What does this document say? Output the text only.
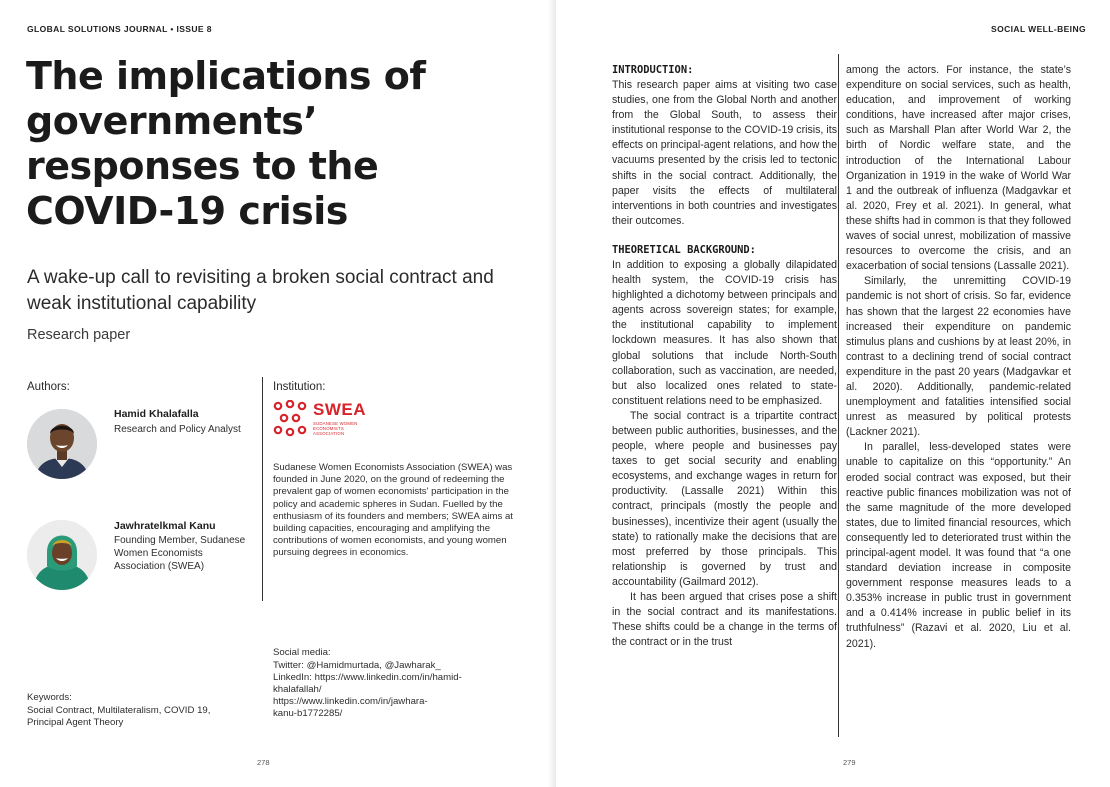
GLOBAL SOLUTIONS JOURNAL • ISSUE 8
The implications of governments’ responses to the COVID-19 crisis

A wake-up call to revisiting a broken social contract and weak institutional capability

Research paper
Authors:	Institution:
Hamid Khalafalla
Research and Policy Analyst
Jawhratelkmal Kanu
Founding Member, Sudanese Women Economists Association (SWEA)
SWEA
SUDANESE WOMEN ECONOMISTS ASSOCIATION

Sudanese Women Economists Association (SWEA) was founded in June 2020, on the ground of redeeming the prevalent gap of women economists' participation in the policy and academic spheres in Sudan. Fuelled by the enthusiasm of its founders and members; SWEA aims at building capacities, encouraging and amplifying the contributions of women economists, and young women pursuing degrees in economics.

Social media:
Twitter: @Hamidmurtada, @Jawharak_
LinkedIn: https://www.linkedin.com/in/hamid-
khalafallah/
https://www.linkedin.com/in/jawhara-
kanu-b1772285/
Keywords:

Social Contract, Multilateralism, COVID 19, Principal Agent Theory

278
SOCIAL WELL-BEING

INTRODUCTION:

This research paper aims at visiting two case studies, one from the Global North and another from the Global South, to assess their institutional response to the COVID-19 crisis, its effects on principal-agent relations, and how the vacuums presented by the crisis led to tectonic shifts in the social contract. Additionally, the paper visits the effects of multilateral interventions in both countries and investigates their outcomes.

THEORETICAL BACKGROUND:

In addition to exposing a globally dilapidated health system, the COVID-19 crisis has highlighted a dichotomy between principals and agents across sovereign states; for example, the institutional capability to implement lockdown measures. It has also shown that global solutions that include North-South collaboration, such as vaccination, are needed, but also localized ones related to state-constituent relations need to be emphasized.

The social contract is a tripartite contract between public authorities, businesses, and the people, where people and businesses pay taxes to get social security and enabling ecosystems, and exchange wages in return for productivity. (Lassalle 2021) Within this contract, principals (mostly the people and businesses), incentivize their agent (usually the state) to rationally make the decisions that are most preferred by those principals. This relationship is governed by trust and accountability (Gailmard 2012).

It has been argued that crises pose a shift in the social contract and its manifestations. These shifts could be a change in the terms of the contract or in the trust

among the actors. For instance, the state’s expenditure on social services, such as health, education, and improvement of working conditions, have increased after major crises, such as Marshall Plan after World War 2, the birth of Nordic welfare state, and the introduction of the International Labour Organization in 1919 in the wake of World War 1 and the outbreak of influenza (Madgavkar et al. 2020, Frey et al. 2021). In general, what these shifts had in common is that they followed waves of social unrest, mobilization of massive resources to overcome the crisis, and an exacerbation of social tensions (Lassalle 2021).

Similarly, the unremitting COVID-19 pandemic is not short of crisis. So far, evidence has shown that the largest 22 economies have increased their expenditure on pandemic stimulus plans and cushions by at least 20%, in contrast to a declining trend of social contract expenditure in the past 20 years (Madgavkar et al. 2020). Additionally, pandemic-related unemployment and fatalities intensified social unrest as measured by political protests (Lackner 2021).

In parallel, less-developed states were unable to capitalize on this “opportunity.” An eroded social contract was exposed, but their reactive public finances mobilization was not of the same magnitude of the more developed states, due to limited financial resources, which consequently led to deteriorated trust within the principal-agent model. It was found that “a one standard deviation increase in composite government response measures leads to a 0.353% increase in public trust in government and a 0.414% increase in public belief in its truthfulness” (Razavi et al. 2020, Liu et al. 2021).

279
